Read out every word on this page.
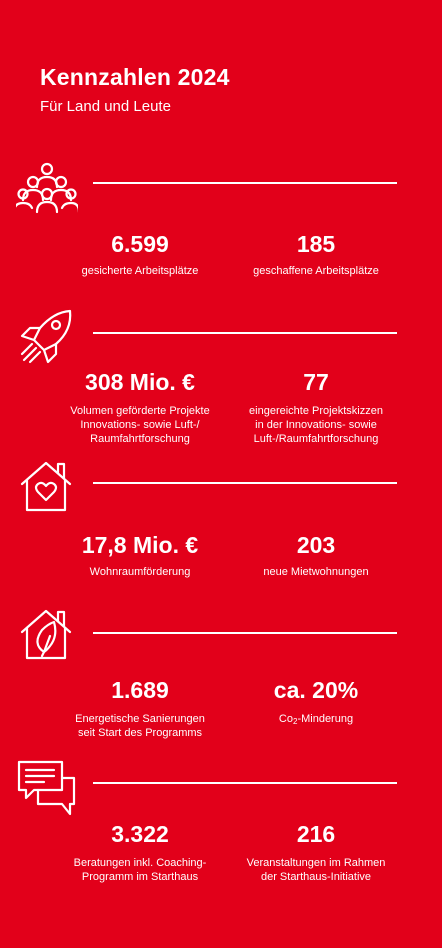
Kennzahlen 2024
Für Land und Leute
6.599
gesicherte Arbeitsplätze
185
geschaffene Arbeitsplätze
308 Mio. €
Volumen geförderte Projekte
Innovations- sowie Luft-/
Raumfahrtforschung
77
eingereichte Projektskizzen
in der Innovations- sowie
Luft-/Raumfahrtforschung
17,8 Mio. €
Wohnraumförderung
203
neue Mietwohnungen
1.689
Energetische Sanierungen
seit Start des Programms
ca. 20%
$Co_2$-Minderung
3.322
Beratungen inkl. Coaching-
Programm im Starthaus
216
Veranstaltungen im Rahmen
der Starthaus-Initiative
